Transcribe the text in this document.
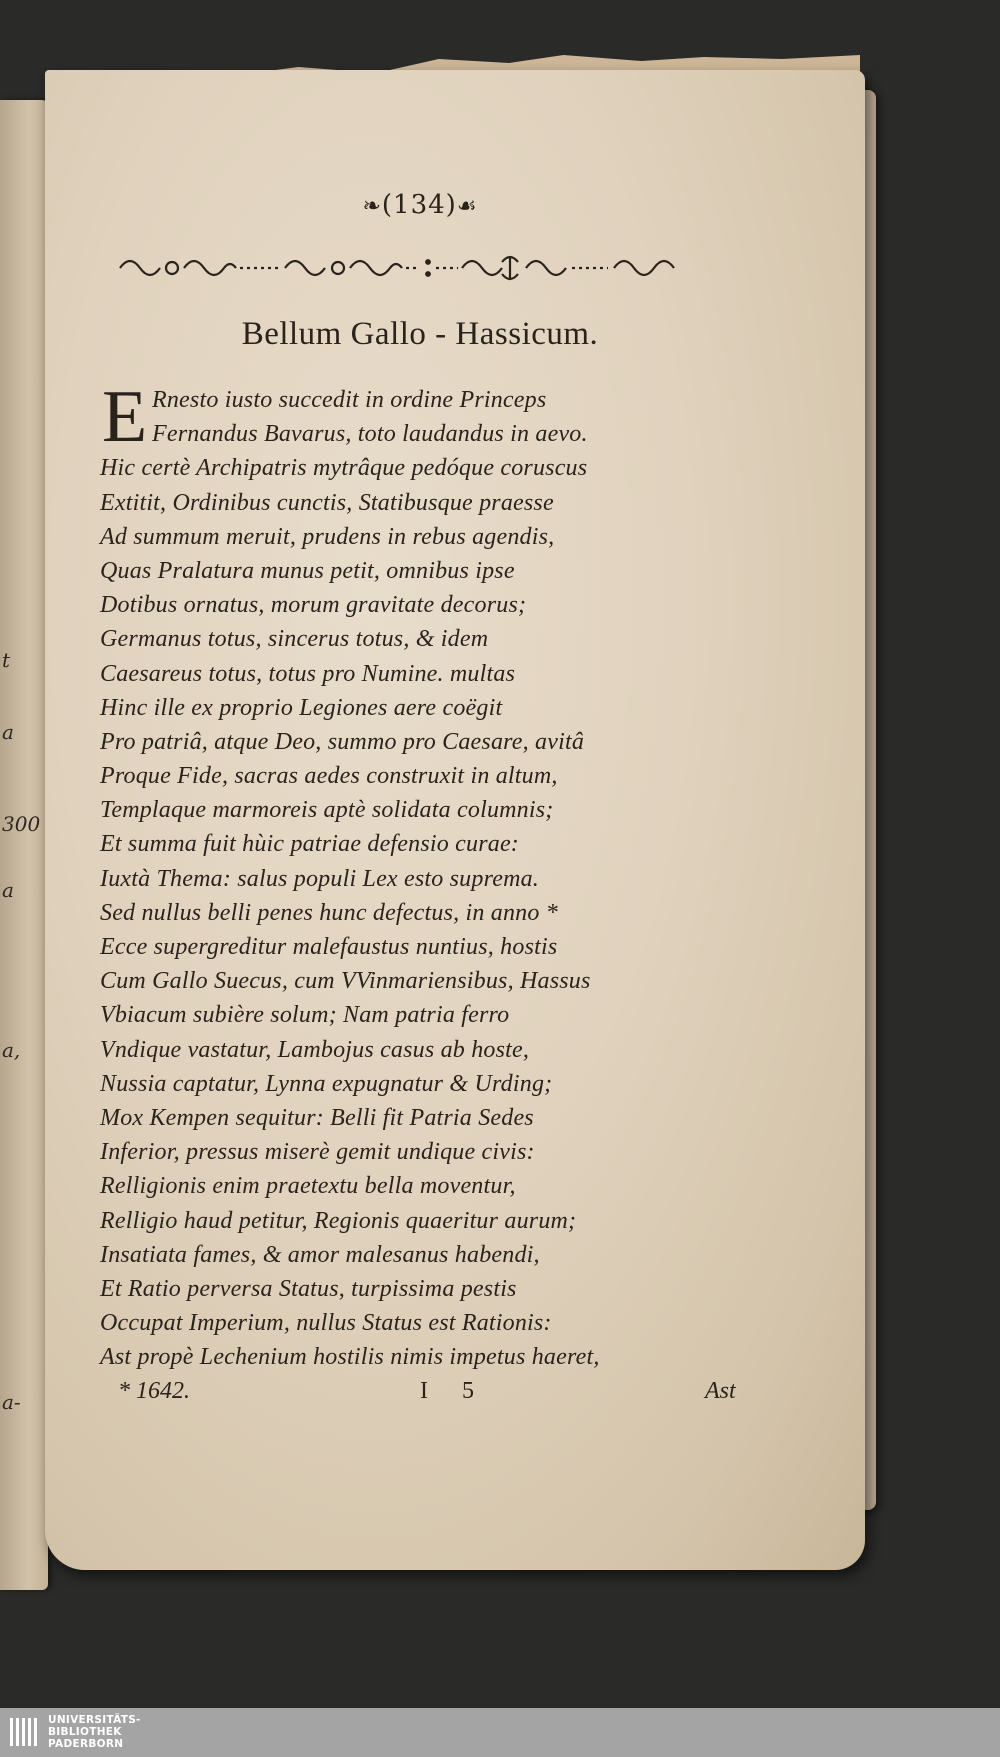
t
a
300
a
a,
a-
❧(134)☙
Bellum Gallo - Hassicum.
E Rnesto iusto succedit in ordine Princeps
Fernandus Bavarus, toto laudandus in aevo.
Hic certè Archipatris mytrâque pedóque coruscus
Extitit, Ordinibus cunctis, Statibusque praesse
Ad summum meruit, prudens in rebus agendis,
Quas Pralatura munus petit, omnibus ipse
Dotibus ornatus, morum gravitate decorus;
Germanus totus, sincerus totus, & idem
Caesareus totus, totus pro Numine. multas
Hinc ille ex proprio Legiones aere coëgit
Pro patriâ, atque Deo, summo pro Caesare, avitâ
Proque Fide, sacras aedes construxit in altum,
Templaque marmoreis aptè solidata columnis;
Et summa fuit hùic patriae defensio curae:
Iuxtà Thema: salus populi Lex esto suprema.
Sed nullus belli penes hunc defectus, in anno *
Ecce supergreditur malefaustus nuntius, hostis
Cum Gallo Suecus, cum VVinmariensibus, Hassus
Vbiacum subière solum; Nam patria ferro
Vndique vastatur, Lambojus casus ab hoste,
Nussia captatur, Lynna expugnatur & Urding;
Mox Kempen sequitur: Belli fit Patria Sedes
Inferior, pressus miserè gemit undique civis:
Relligionis enim praetextu bella moventur,
Relligio haud petitur, Regionis quaeritur aurum;
Insatiata fames, & amor malesanus habendi,
Et Ratio perversa Status, turpissima pestis
Occupat Imperium, nullus Status est Rationis:
Ast propè Lechenium hostilis nimis impetus haeret,
* 1642.	I 5	Ast
UNIVERSITÄTS-
BIBLIOTHEK
PADERBORN
